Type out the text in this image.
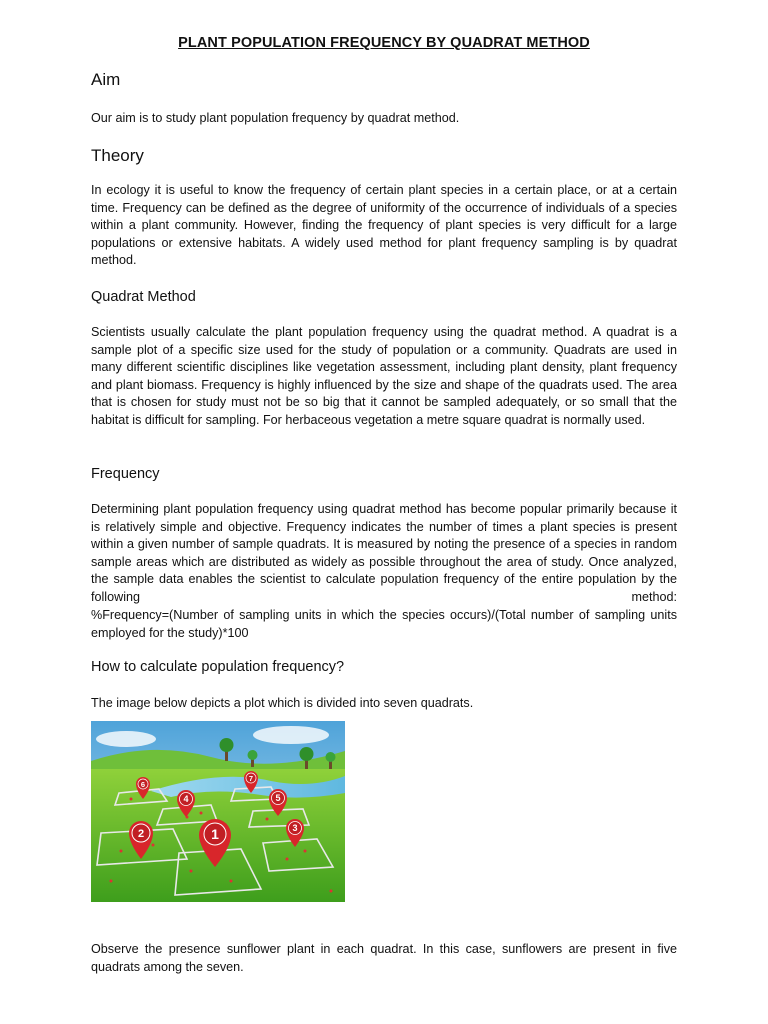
PLANT POPULATION FREQUENCY BY QUADRAT METHOD
Aim

Our aim is to study plant population frequency by quadrat method.

Theory

In ecology it is useful to know the frequency of certain plant species in a certain place, or at a certain time. Frequency can be defined as the degree of uniformity of the occurrence of individuals of a species within a plant community. However, finding the frequency of plant species is very difficult for a large populations or extensive habitats. A widely used method for plant frequency sampling is by quadrat method.

Quadrat Method

Scientists usually calculate the plant population frequency using the quadrat method. A quadrat is a sample plot of a specific size used for the study of population or a community. Quadrats are used in many different scientific disciplines like vegetation assessment, including plant density, plant frequency and plant biomass. Frequency is highly influenced by the size and shape of the quadrats used. The area that is chosen for study must not be so big that it cannot be sampled adequately, or so small that the habitat is difficult for sampling. For herbaceous vegetation a metre square quadrat is normally used.

Frequency

Determining plant population frequency using quadrat method has become popular primarily because it is relatively simple and objective. Frequency indicates the number of times a plant species is present within a given number of sample quadrats. It is measured by noting the presence of a species in random sample areas which are distributed as widely as possible throughout the area of study. Once analyzed, the sample data enables the scientist to calculate population frequency of the entire population by the following method:

%Frequency=(Number of sampling units in which the species occurs)/(Total number of sampling units employed for the study)*100

How to calculate population frequency?

The image below depicts a plot which is divided into seven quadrats.

1
2	3
4	5
6
7

Observe the presence sunflower plant in each quadrat. In this case, sunflowers are present in five quadrats among the seven.
